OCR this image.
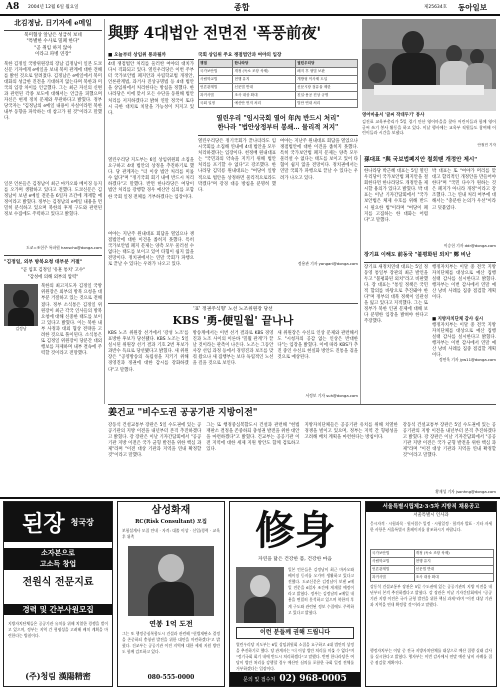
A8 2004년 12월 6일 월요일	종합	제25634호 동아일보
北김정남, 日기자에 e메일
북미협상 앞날은 성급히 보네
"특별한 수사로 밀폐 한다"
"곧 취임 하지 않아
이라크 파병 연장"
북한 김정일 국방위원장의 장남 김정남이 일본 도쿄신문 기자에게 e메일을 보내 북미 관계에 대한 견해를 밝힌 것으로 알려졌다. 김정남은 e메일에서 북미 대화의 성급한 진전을 기대하지 않는다며 북한과 미국의 입장 차이를 언급했다. 그는 최근 자신의 신변과 관련된 각종 보도에 대해서는 언급을 피했으며 자신은 현재 정치 문제와 무관하다고 밝혔다. 정부 당국자는 "김정남의 e메일 내용이 사실이라면 북한 내부 동향을 파악하는 데 참고가 될 것"이라고 말했다.
일본 언론들은 김정남이 최근 마카오와 베이징 등지를 오가며 생활하고 있다고 전했다. 도쿄신문은 김정남이 보낸 e메일 전문을 6일자 조간에 게재할 예정이라고 밝혔다. 정부는 김정남의 e메일 내용을 면밀히 분석하고 있으며 북한의 후계 구도와 관련된 정보 수집에도 주력하고 있다고 밝혔다.
도쿄=조헌주 특파원 hanscho@donga.com
"김정일, 외부 방북요청 대부분 거절"
"곧 임호 김정일 '유훈 통치' 고수"
"감성에 의해 외부의 압력"
북한의 최고지도자 김정일 국방위원장은 외부의 방북 요청을 대부분 거절하고 있는 것으로 전해졌다. 정부 소식통은 김정일 위원장이 최근 각국 인사들의 방북 요청에 대해 신중한 태도를 보이고 있다고 밝혔다. 이는 북한 내부 사정과 대외 협상 전략을 고려한 것으로 풀이된다. 소식통은 또 김정일 위원장이 당분간 대외 행보를 자제하며 내부 결속에 주력할 것이라고 전망했다.
김정남
與野 4대법안 전면전 '폭풍前夜'
■ 오늘부터 상임위 통과될까
4대 쟁점법안 처리를 둘러싼 여야의 대치가 다시 격화되고 있다. 열린우리당은 이번 주부터 국가보안법 폐지안과 사립학교법 개정안, 언론관계법, 과거사 진상규명법 등 4대 법안을 상임위에서 처리한다는 방침을 정했다. 한나라당은 이에 맞서 모든 수단을 동원해 법안 처리를 저지하겠다고 밝혀 연말 정국이 또다시 극한 대치로 치달을 가능성이 커지고 있다.
열린우리당 지도부는 6일 상임위원회 소집을 요구하고 4대 법안의 상정을 추진하기로 했다. 당 관계자는 "더 이상 법안 처리를 미룰 수 없다"며 "정기국회 회기 내에 반드시 처리하겠다"고 말했다. 반면 한나라당은 여당이 법안 처리를 강행할 경우 예산안 심의를 포함한 국회 일정 전체를 거부하겠다는 입장이다.
여야는 지난주 원내대표 회담을 열었으나 쟁점법안에 대한 이견을 좁히지 못했다. 특히 국가보안법 폐지 문제는 양측 모두 물러설 수 없다는 태도를 보이고 있어 타협이 쉽지 않을 전망이다. 정치권에서는 연말 국회가 파행으로 끝날 수 있다는 우려가 나오고 있다.
국회 상임위 주요 쟁점법안과 여야의 입장
쟁점	한나라당	열린우리당
국가보안법	개정 (독소 조항 삭제)	폐지 후 형법 보완
사립학교법	현행 유지	개방형 이사제 도입
언론관계법	신문법 반대	신문시장 점유율 제한
과거사법	조사 대상 확대	친일·용공 진상 규명
국회 일정	예산안 먼저 처리	법안 연내 처리
열린우리 "임시국회 열어 年內 반드시 처리"
한나라 "법안상정부터 봉쇄… 물리적 저지"
열린우리당은 정기국회가 끝나더라도 임시국회를 소집해 연내에 4대 법안을 모두 처리하겠다는 입장이다. 천정배 원내대표는 "국민과의 약속을 지키기 위해 법안 처리를 포기할 수 없다"고 강조했다. 한나라당 김덕룡 원내대표는 "여당이 일방적으로 법안을 상정하면 물리적으로라도 막겠다"며 강경 대응 방침을 분명히 했다.
여야는 지난주 원내대표 회담을 열었으나 쟁점법안에 대한 이견을 좁히지 못했다. 특히 국가보안법 폐지 문제는 양측 모두 물러설 수 없다는 태도를 보이고 있어 타협이 쉽지 않을 전망이다. 정치권에서는 연말 국회가 파행으로 끝날 수 있다는 우려가 나오고 있다.
정용관 기자 yongari@donga.com
영어마을서 '글씨 작대두기' 봉사
김진표 교육부총리가 5일 경기 안산 영어마을을 찾아 어린이들과 함께 영어 글씨 쓰기 봉사 활동을 하고 있다. 이날 행사에는 교육부 직원들도 참여해 어린이들과 시간을 보냈다.
안철민 기자
孫대표 "與 국보법폐지안 철회땐 개정안 제시"
한나라당 박근혜 대표는 5일 열린우리당이 국가보안법 폐지안을 철회한다면 한나라당도 개정안을 제시할 용의가 있다고 밝혔다. 박 대표는 이날 기자간담회에서 "국가보안법은 체제 수호를 위해 반드시 필요한 법"이라며 "여당이 폐지를 고집하는 한 대화는 어렵다"고 말했다.
박 대표는 또 "여야가 머리를 맞대고 합리적인 개정안을 만들어야 한다"며 "국민 다수가 원하는 것은 폐지가 아니라 개정"이라고 강조했다. 그는 연내 처리 여부에 대해서는 "충분한 논의가 우선"이라고 덧붙였다.
이승헌 기자 ddr@donga.com
장기표 이해도 前동국 "불평화된 외치" 鄭 비난
장기표 새정치연대 대표는 5일 정동영 통일부 장관의 최근 발언을 두고 "불평화된 외치"라고 비판했다. 장 대표는 "통일 정책은 국민적 합의를 바탕으로 추진돼야 한다"며 정부의 대북 정책이 일관성을 잃고 있다고 지적했다. 그는 또 정부가 북한 인권 문제에 대해 보다 분명한 입장을 밝혀야 한다고 주장했다.
행정자치부는 이달 중 전국 지방자치단체를 대상으로 예산 집행 실태 감사를 실시한다고 밝혔다. 행자부는 이번 감사에서 연말 예산 낭비 사례를 집중 점검할 계획이다.
■ 지방자치단체 감사 실시
행정자치부는 이달 중 전국 지방자치단체를 대상으로 예산 집행 실태 감사를 실시한다고 밝혔다. 행자부는 이번 감사에서 연말 예산 낭비 사례를 집중 점검할 계획이다.
정연욱 기자 jyw11@donga.com
'표' 정권주식형' 노선 노조위원장 당선
KBS '勇-便밀월' 끝나나
KBS 노조 위원장 선거에서 '강성 노조'를 표방한 후보가 당선됐다. KBS 노조는 5일 실시된 위원장 선거 결과 기호 2번 후보가 과반수 득표로 당선됐다고 밝혔다. 새 위원장은 "공영방송의 독립성을 지키기 위해 경영진과 정권에 대한 감시를 강화하겠다"고 말했다.
방송계에서는 이번 선거 결과로 KBS 경영진과 노조 사이의 이른바 '밀월 관계'가 끝날 것이라는 관측이 나온다. 노조는 그동안 사장 선임 과정 등에서 경영진과 보조를 맞춰 왔으나 새 집행부는 보다 독립적인 노선을 걸을 것으로 보인다.
새 위원장은 수신료 인상 문제와 관련해서도 "시청자의 공감 없는 인상은 반대한다"는 입장을 밝혔다. 이에 따라 KBS가 추진 중인 수신료 현실화 방안도 진통을 겪을 것으로 예상된다.
서정보 기자 suh@donga.com
姜건교 "비수도권 공공기관 지방이전"
강동석 건설교통부 장관은 5일 수도권에 있는 공공기관의 지방 이전을 내년부터 본격 추진하겠다고 밝혔다. 강 장관은 이날 기자간담회에서 "공공기관 지방 이전은 국가 균형 발전을 위한 핵심 과제"라며 "이전 대상 기관과 지역을 연내 확정할 것"이라고 말했다.
그는 또 행정중심복합도시 건설과 관련해 "헌법재판소 결정을 존중하되 충청권 발전을 위한 대안을 마련하겠다"고 밝혔다. 건교부는 공공기관 이전 지역에 대한 세제 지원 방안도 함께 검토하고 있다.
지방자치단체들은 공공기관 유치를 위해 치열한 경쟁을 벌이고 있으며, 정부는 지역 간 형평성을 고려해 배치 계획을 마련한다는 방침이다.
강동석 건설교통부 장관은 5일 수도권에 있는 공공기관의 지방 이전을 내년부터 본격 추진하겠다고 밝혔다. 강 장관은 이날 기자간담회에서 "공공기관 지방 이전은 국가 균형 발전을 위한 핵심 과제"라며 "이전 대상 기관과 지역을 연내 확정할 것"이라고 말했다.
황재성 기자 jsonhng@donga.com
된장 청국장
소자본으로
고소득 창업
전원식 전문지료
경력 및 간부사원모집
지방자치단체들은 공공기관 유치를 위해 치열한 경쟁을 벌이고 있으며, 정부는 지역 간 형평성을 고려해 배치 계획을 마련한다는 방침이다.
(주)청림 漢陽精密
삼성화재
RC(Risk Consultant) 모집
보험설계사 모집 안내 · 자격: 대졸 이상 · 신입/경력 · 교육 후 위촉
연봉 1억 도전
그는 또 행정중심복합도시 건설과 관련해 "헌법재판소 결정을 존중하되 충청권 발전을 위한 대안을 마련하겠다"고 밝혔다. 건교부는 공공기관 이전 지역에 대한 세제 지원 방안도 함께 검토하고 있다.
080-555-0000
修身
자연을 닮은 건강한 몸, 건강한 마음
일본 언론들은 김정남이 최근 마카오와 베이징 등지를 오가며 생활하고 있다고 전했다. 도쿄신문은 김정남이 보낸 e메일 전문을 6일자 조간에 게재할 예정이라고 밝혔다. 정부는 김정남의 e메일 내용을 면밀히 분석하고 있으며 북한의 후계 구도와 관련된 정보 수집에도 주력하고 있다고 밝혔다.
이런 분들께 권해 드립니다
열린우리당 지도부는 6일 상임위원회 소집을 요구하고 4대 법안의 상정을 추진하기로 했다. 당 관계자는 "더 이상 법안 처리를 미룰 수 없다"며 "정기국회 회기 내에 반드시 처리하겠다"고 말했다. 반면 한나라당은 여당이 법안 처리를 강행할 경우 예산안 심의를 포함한 국회 일정 전체를 거부하겠다는 입장이다.
문의 및 접수처 02) 968-0005
서울특별시립제2·3·5차 지방직 채용공고
서울특별시 인사과
응시자격 · 시험과목 · 원서접수 일정 · 시험일정 · 합격자 발표 · 기타 자세한 사항은 서울특별시 홈페이지를 참조하시기 바랍니다.
국가보안법	개정 (독소 조항 삭제)
사립학교법	현행 유지
언론관계법	신문법 반대
과거사법	조사 대상 확대
강동석 건설교통부 장관은 5일 수도권에 있는 공공기관의 지방 이전을 내년부터 본격 추진하겠다고 밝혔다. 강 장관은 이날 기자간담회에서 "공공기관 지방 이전은 국가 균형 발전을 위한 핵심 과제"라며 "이전 대상 기관과 지역을 연내 확정할 것"이라고 말했다.
행정자치부는 이달 중 전국 지방자치단체를 대상으로 예산 집행 실태 감사를 실시한다고 밝혔다. 행자부는 이번 감사에서 연말 예산 낭비 사례를 집중 점검할 계획이다.
